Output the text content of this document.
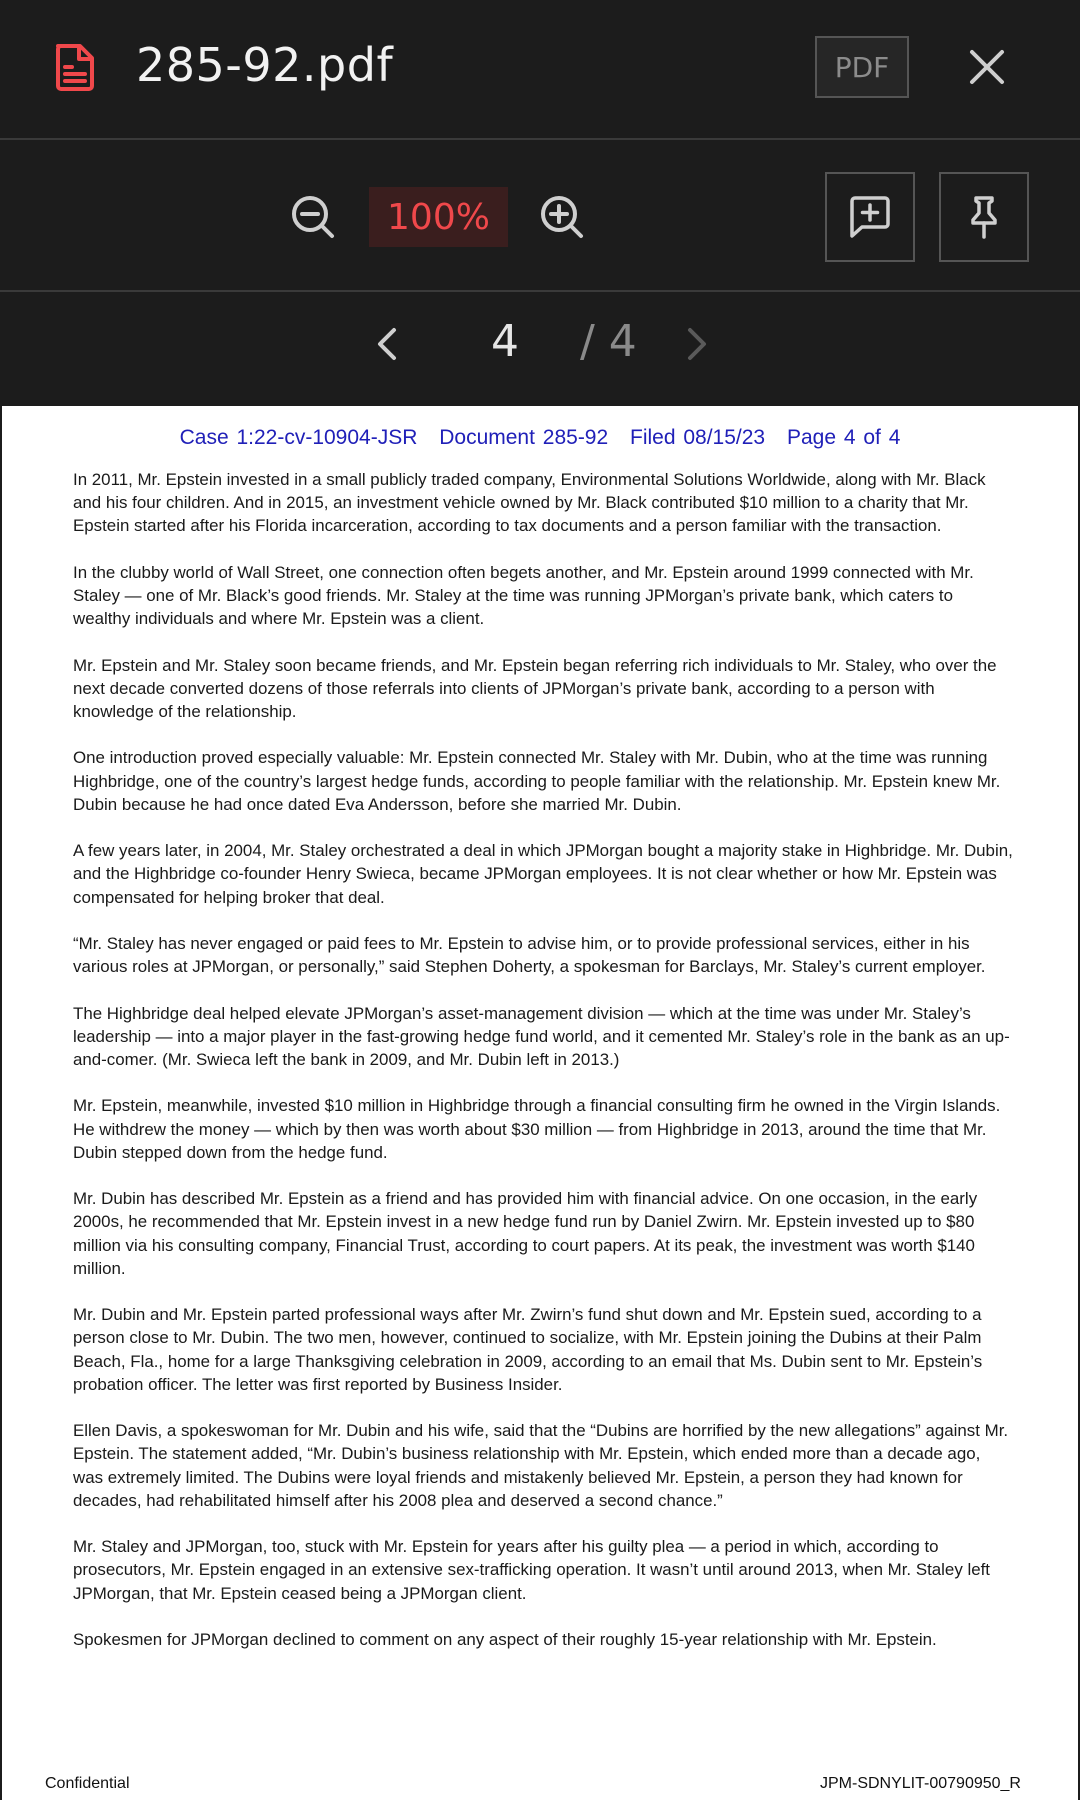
285-92.pdf	PDF
100%
4	/ 4
Case 1:22-cv-10904-JSR Document 285-92 Filed 08/15/23 Page 4 of 4

In 2011, Mr. Epstein invested in a small publicly traded company, Environmental Solutions Worldwide, along with Mr. Black and his four children. And in 2015, an investment vehicle owned by Mr. Black contributed $10 million to a charity that Mr. Epstein started after his Florida incarceration, according to tax documents and a person familiar with the transaction.

In the clubby world of Wall Street, one connection often begets another, and Mr. Epstein around 1999 connected with Mr. Staley — one of Mr. Black’s good friends. Mr. Staley at the time was running JPMorgan’s private bank, which caters to wealthy individuals and where Mr. Epstein was a client.

Mr. Epstein and Mr. Staley soon became friends, and Mr. Epstein began referring rich individuals to Mr. Staley, who over the next decade converted dozens of those referrals into clients of JPMorgan’s private bank, according to a person with knowledge of the relationship.

One introduction proved especially valuable: Mr. Epstein connected Mr. Staley with Mr. Dubin, who at the time was running Highbridge, one of the country’s largest hedge funds, according to people familiar with the relationship. Mr. Epstein knew Mr. Dubin because he had once dated Eva Andersson, before she married Mr. Dubin.

A few years later, in 2004, Mr. Staley orchestrated a deal in which JPMorgan bought a majority stake in Highbridge. Mr. Dubin, and the Highbridge co-founder Henry Swieca, became JPMorgan employees. It is not clear whether or how Mr. Epstein was compensated for helping broker that deal.

“Mr. Staley has never engaged or paid fees to Mr. Epstein to advise him, or to provide professional services, either in his various roles at JPMorgan, or personally,” said Stephen Doherty, a spokesman for Barclays, Mr. Staley’s current employer.

The Highbridge deal helped elevate JPMorgan’s asset-management division — which at the time was under Mr. Staley’s leadership — into a major player in the fast-growing hedge fund world, and it cemented Mr. Staley’s role in the bank as an up-and-comer. (Mr. Swieca left the bank in 2009, and Mr. Dubin left in 2013.)

Mr. Epstein, meanwhile, invested $10 million in Highbridge through a financial consulting firm he owned in the Virgin Islands. He withdrew the money — which by then was worth about $30 million — from Highbridge in 2013, around the time that Mr. Dubin stepped down from the hedge fund.

Mr. Dubin has described Mr. Epstein as a friend and has provided him with financial advice. On one occasion, in the early 2000s, he recommended that Mr. Epstein invest in a new hedge fund run by Daniel Zwirn. Mr. Epstein invested up to $80 million via his consulting company, Financial Trust, according to court papers. At its peak, the investment was worth $140 million.

Mr. Dubin and Mr. Epstein parted professional ways after Mr. Zwirn’s fund shut down and Mr. Epstein sued, according to a person close to Mr. Dubin. The two men, however, continued to socialize, with Mr. Epstein joining the Dubins at their Palm Beach, Fla., home for a large Thanksgiving celebration in 2009, according to an email that Ms. Dubin sent to Mr. Epstein’s probation officer. The letter was first reported by Business Insider.

Ellen Davis, a spokeswoman for Mr. Dubin and his wife, said that the “Dubins are horrified by the new allegations” against Mr. Epstein. The statement added, “Mr. Dubin’s business relationship with Mr. Epstein, which ended more than a decade ago, was extremely limited. The Dubins were loyal friends and mistakenly believed Mr. Epstein, a person they had known for decades, had rehabilitated himself after his 2008 plea and deserved a second chance.”

Mr. Staley and JPMorgan, too, stuck with Mr. Epstein for years after his guilty plea — a period in which, according to prosecutors, Mr. Epstein engaged in an extensive sex-trafficking operation. It wasn’t until around 2013, when Mr. Staley left JPMorgan, that Mr. Epstein ceased being a JPMorgan client.

Spokesmen for JPMorgan declined to comment on any aspect of their roughly 15-year relationship with Mr. Epstein.

Confidential	JPM-SDNYLIT-00790950_R
